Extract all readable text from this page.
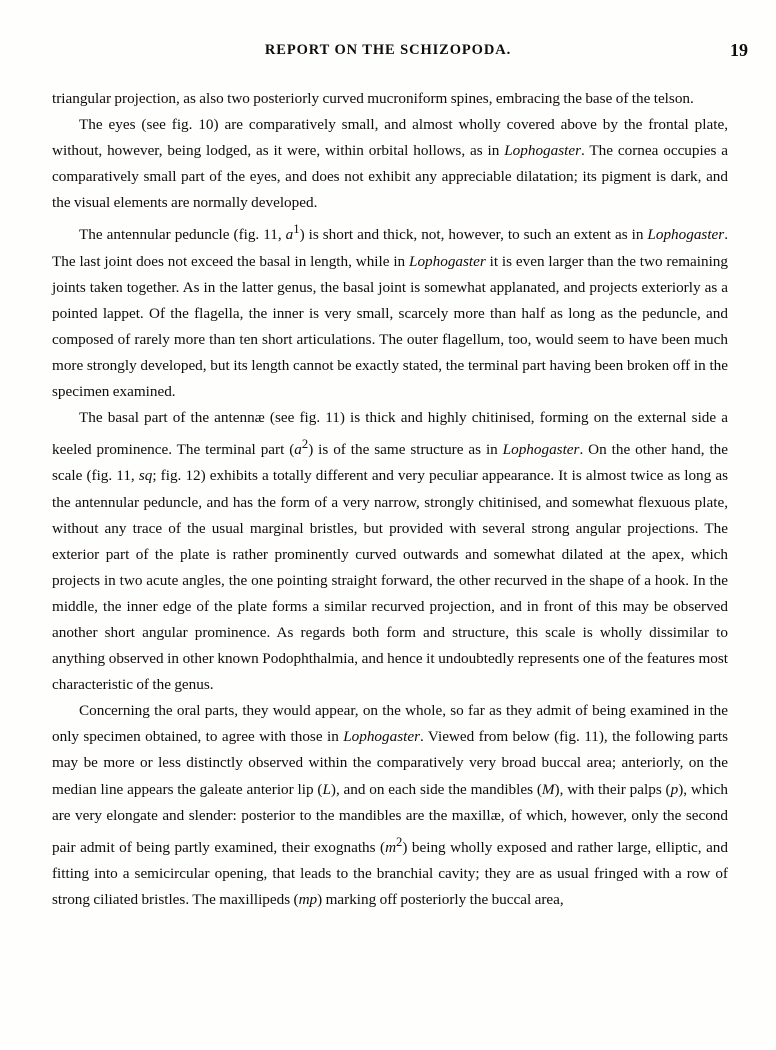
REPORT ON THE SCHIZOPODA.	19

triangular projection, as also two posteriorly curved mucroniform spines, embracing the base of the telson.

The eyes (see fig. 10) are comparatively small, and almost wholly covered above by the frontal plate, without, however, being lodged, as it were, within orbital hollows, as in Lophogaster. The cornea occupies a comparatively small part of the eyes, and does not exhibit any appreciable dilatation; its pigment is dark, and the visual elements are normally developed.

The antennular peduncle (fig. 11, $a^1$) is short and thick, not, however, to such an extent as in Lophogaster. The last joint does not exceed the basal in length, while in Lophogaster it is even larger than the two remaining joints taken together. As in the latter genus, the basal joint is somewhat applanated, and projects exteriorly as a pointed lappet. Of the flagella, the inner is very small, scarcely more than half as long as the peduncle, and composed of rarely more than ten short articulations. The outer flagellum, too, would seem to have been much more strongly developed, but its length cannot be exactly stated, the terminal part having been broken off in the specimen examined.

The basal part of the antennæ (see fig. 11) is thick and highly chitinised, forming on the external side a keeled prominence. The terminal part $(a^2)$ is of the same structure as in Lophogaster. On the other hand, the scale (fig. 11, sq; fig. 12) exhibits a totally different and very peculiar appearance. It is almost twice as long as the antennular peduncle, and has the form of a very narrow, strongly chitinised, and somewhat flexuous plate, without any trace of the usual marginal bristles, but provided with several strong angular projections. The exterior part of the plate is rather prominently curved outwards and somewhat dilated at the apex, which projects in two acute angles, the one pointing straight forward, the other recurved in the shape of a hook. In the middle, the inner edge of the plate forms a similar recurved projection, and in front of this may be observed another short angular prominence. As regards both form and structure, this scale is wholly dissimilar to anything observed in other known Podophthalmia, and hence it undoubtedly represents one of the features most characteristic of the genus.

Concerning the oral parts, they would appear, on the whole, so far as they admit of being examined in the only specimen obtained, to agree with those in Lophogaster. Viewed from below (fig. 11), the following parts may be more or less distinctly observed within the comparatively very broad buccal area; anteriorly, on the median line appears the galeate anterior lip (L), and on each side the mandibles (M), with their palps (p), which are very elongate and slender: posterior to the mandibles are the maxillæ, of which, however, only the second pair admit of being partly examined, their exognaths $(m^2)$ being wholly exposed and rather large, elliptic, and fitting into a semicircular opening, that leads to the branchial cavity; they are as usual fringed with a row of strong ciliated bristles. The maxillipeds (mp) marking off posteriorly the buccal area,
